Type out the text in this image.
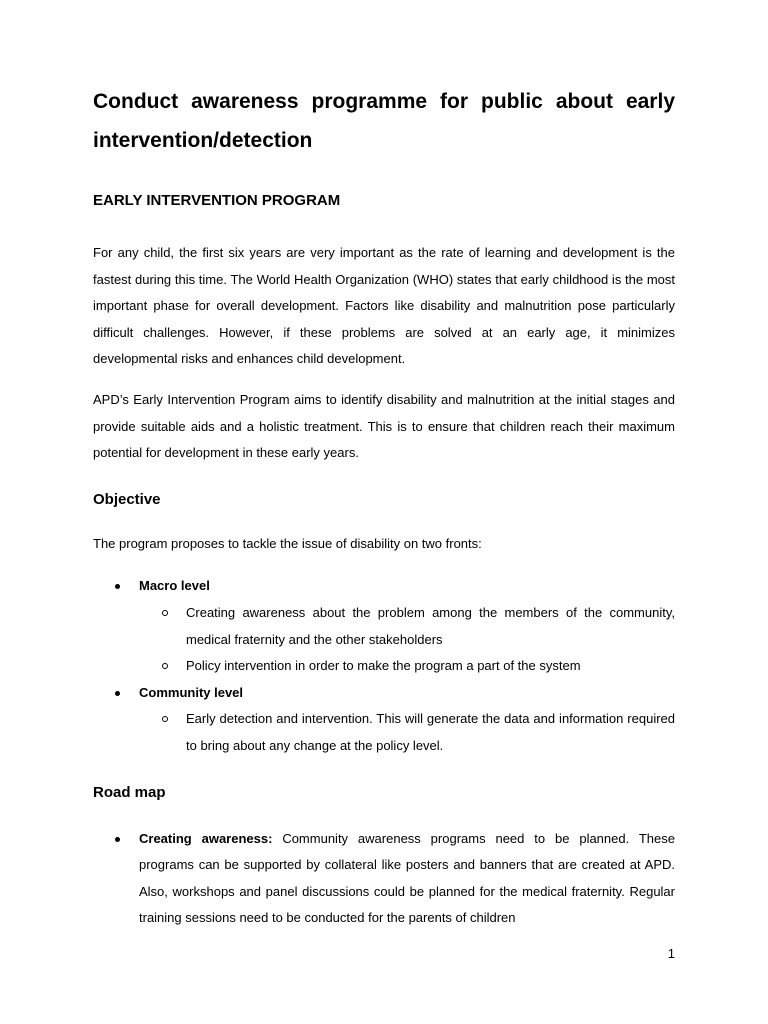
Conduct awareness programme for public about early intervention/detection
EARLY INTERVENTION PROGRAM

For any child, the first six years are very important as the rate of learning and development is the fastest during this time. The World Health Organization (WHO) states that early childhood is the most important phase for overall development. Factors like disability and malnutrition pose particularly difficult challenges. However, if these problems are solved at an early age, it minimizes developmental risks and enhances child development.

APD’s Early Intervention Program aims to identify disability and malnutrition at the initial stages and provide suitable aids and a holistic treatment. This is to ensure that children reach their maximum potential for development in these early years.

Objective

The program proposes to tackle the issue of disability on two fronts:

Macro level
Creating awareness about the problem among the members of the community, medical fraternity and the other stakeholders
Policy intervention in order to make the program a part of the system
Community level
Early detection and intervention. This will generate the data and information required to bring about any change at the policy level.
Road map
Creating awareness: Community awareness programs need to be planned. These programs can be supported by collateral like posters and banners that are created at APD. Also, workshops and panel discussions could be planned for the medical fraternity. Regular training sessions need to be conducted for the parents of children
1
